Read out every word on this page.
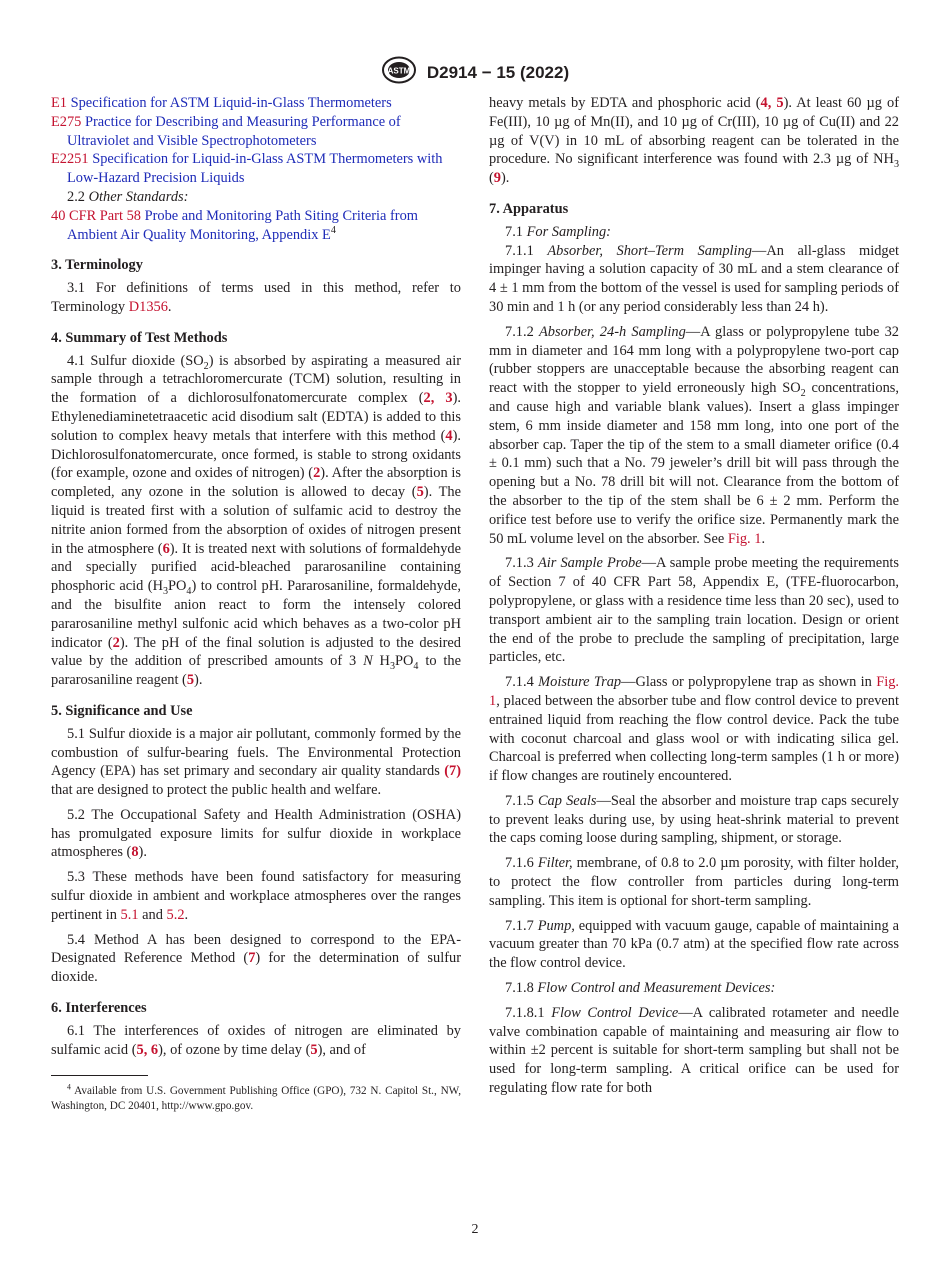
ASTM D2914 − 15 (2022)

E1 Specification for ASTM Liquid-in-Glass Thermometers

E275 Practice for Describing and Measuring Performance of Ultraviolet and Visible Spectrophotometers

E2251 Specification for Liquid-in-Glass ASTM Thermometers with Low-Hazard Precision Liquids

2.2 Other Standards:

40 CFR Part 58 Probe and Monitoring Path Siting Criteria from Ambient Air Quality Monitoring, Appendix $E^4$

3. Terminology

3.1 For definitions of terms used in this method, refer to Terminology D1356.

4. Summary of Test Methods

4.1 Sulfur dioxide $(SO_2)$ is absorbed by aspirating a measured air sample through a tetrachloromercurate (TCM) solution, resulting in the formation of a dichlorosulfonatomercurate complex (2, 3). Ethylenediaminetetraacetic acid disodium salt (EDTA) is added to this solution to complex heavy metals that interfere with this method (4). Dichlorosulfonatomercurate, once formed, is stable to strong oxidants (for example, ozone and oxides of nitrogen) (2). After the absorption is completed, any ozone in the solution is allowed to decay (5). The liquid is treated first with a solution of sulfamic acid to destroy the nitrite anion formed from the absorption of oxides of nitrogen present in the atmosphere (6). It is treated next with solutions of formaldehyde and specially purified acid-bleached pararosaniline containing phosphoric acid $(H_3PO_4)$ to control pH. Pararosaniline, formaldehyde, and the bisulfite anion react to form the intensely colored pararosaniline methyl sulfonic acid which behaves as a two-color pH indicator (2). The pH of the final solution is adjusted to the desired value by the addition of prescribed amounts of 3 N $H_3PO_4$ to the pararosaniline reagent (5).

5. Significance and Use

5.1 Sulfur dioxide is a major air pollutant, commonly formed by the combustion of sulfur-bearing fuels. The Environmental Protection Agency (EPA) has set primary and secondary air quality standards (7) that are designed to protect the public health and welfare.

5.2 The Occupational Safety and Health Administration (OSHA) has promulgated exposure limits for sulfur dioxide in workplace atmospheres (8).

5.3 These methods have been found satisfactory for measuring sulfur dioxide in ambient and workplace atmospheres over the ranges pertinent in 5.1 and 5.2.

5.4 Method A has been designed to correspond to the EPA-Designated Reference Method (7) for the determination of sulfur dioxide.

6. Interferences

6.1 The interferences of oxides of nitrogen are eliminated by sulfamic acid (5, 6), of ozone by time delay (5), and of

$^4$ Available from U.S. Government Publishing Office (GPO), 732 N. Capitol St., NW, Washington, DC 20401, http://www.gpo.gov.

heavy metals by EDTA and phosphoric acid (4, 5). At least 60 µg of Fe(III), 10 µg of Mn(II), and 10 µg of Cr(III), 10 µg of Cu(II) and 22 µg of V(V) in 10 mL of absorbing reagent can be tolerated in the procedure. No significant interference was found with 2.3 µg of $NH_3$ (9).

7. Apparatus

7.1 For Sampling:

7.1.1 Absorber, Short–Term Sampling—An all-glass midget impinger having a solution capacity of 30 mL and a stem clearance of 4 ± 1 mm from the bottom of the vessel is used for sampling periods of 30 min and 1 h (or any period considerably less than 24 h).

7.1.2 Absorber, 24-h Sampling—A glass or polypropylene tube 32 mm in diameter and 164 mm long with a polypropylene two-port cap (rubber stoppers are unacceptable because the absorbing reagent can react with the stopper to yield erroneously high $SO_2$ concentrations, and cause high and variable blank values). Insert a glass impinger stem, 6 mm inside diameter and 158 mm long, into one port of the absorber cap. Taper the tip of the stem to a small diameter orifice (0.4 ± 0.1 mm) such that a No. 79 jeweler’s drill bit will pass through the opening but a No. 78 drill bit will not. Clearance from the bottom of the absorber to the tip of the stem shall be 6 ± 2 mm. Perform the orifice test before use to verify the orifice size. Permanently mark the 50 mL volume level on the absorber. See Fig. 1.

7.1.3 Air Sample Probe—A sample probe meeting the requirements of Section 7 of 40 CFR Part 58, Appendix E, (TFE-fluorocarbon, polypropylene, or glass with a residence time less than 20 sec), used to transport ambient air to the sampling train location. Design or orient the end of the probe to preclude the sampling of precipitation, large particles, etc.

7.1.4 Moisture Trap—Glass or polypropylene trap as shown in Fig. 1, placed between the absorber tube and flow control device to prevent entrained liquid from reaching the flow control device. Pack the tube with coconut charcoal and glass wool or with indicating silica gel. Charcoal is preferred when collecting long-term samples (1 h or more) if flow changes are routinely encountered.

7.1.5 Cap Seals—Seal the absorber and moisture trap caps securely to prevent leaks during use, by using heat-shrink material to prevent the caps coming loose during sampling, shipment, or storage.

7.1.6 Filter, membrane, of 0.8 to 2.0 µm porosity, with filter holder, to protect the flow controller from particles during long-term sampling. This item is optional for short-term sampling.

7.1.7 Pump, equipped with vacuum gauge, capable of maintaining a vacuum greater than 70 kPa (0.7 atm) at the specified flow rate across the flow control device.

7.1.8 Flow Control and Measurement Devices:

7.1.8.1 Flow Control Device—A calibrated rotameter and needle valve combination capable of maintaining and measuring air flow to within ±2 percent is suitable for short-term sampling but shall not be used for long-term sampling. A critical orifice can be used for regulating flow rate for both

2
